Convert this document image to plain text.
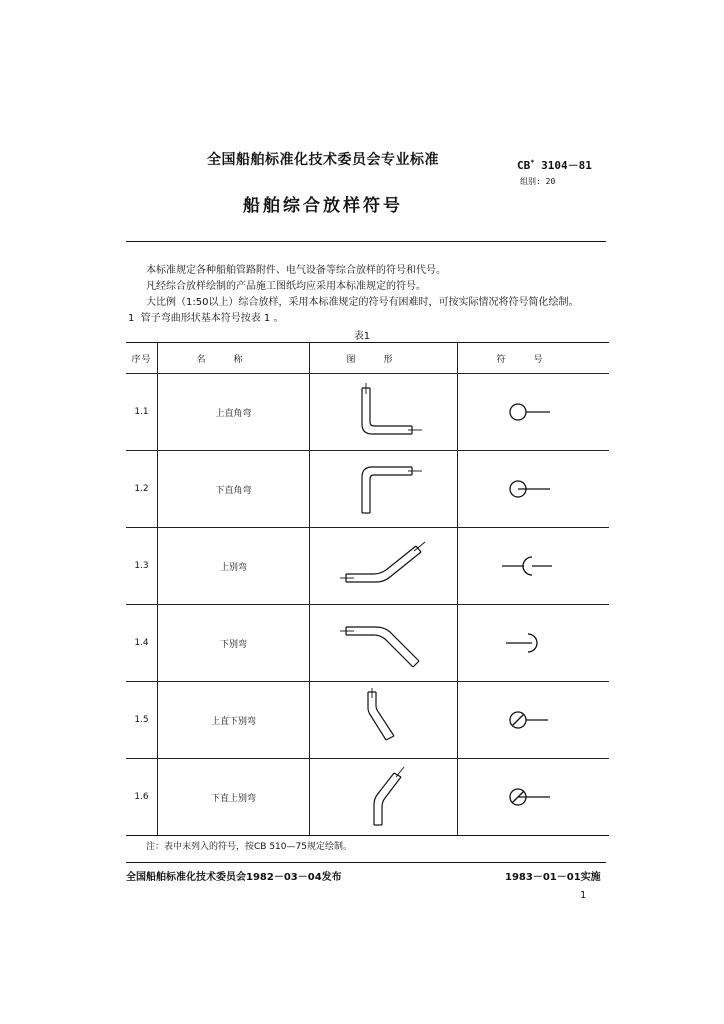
全国船舶标准化技术委员会专业标准	CB* 3104－81
组别: 20
船舶综合放样符号
本标准规定各种船舶管路附件、电气设备等综合放样的符号和代号。
凡经综合放样绘制的产品施工图纸均应采用本标准规定的符号。
大比例（1:50以上）综合放样，采用本标准规定的符号有困难时，可按实际情况将符号简化绘制。
1 管子弯曲形状基本符号按表 1 。
表1
序号	名称	图形	符号
1.1	上直角弯	

1.2	下直角弯	

1.3	上别弯	

1.4	下别弯	

1.5	上直下别弯	

1.6	下直上别弯	

注：表中未列入的符号，按CB 510—75规定绘制。
全国船舶标准化技术委员会1982－03－04发布	1983－01－01实施
1
